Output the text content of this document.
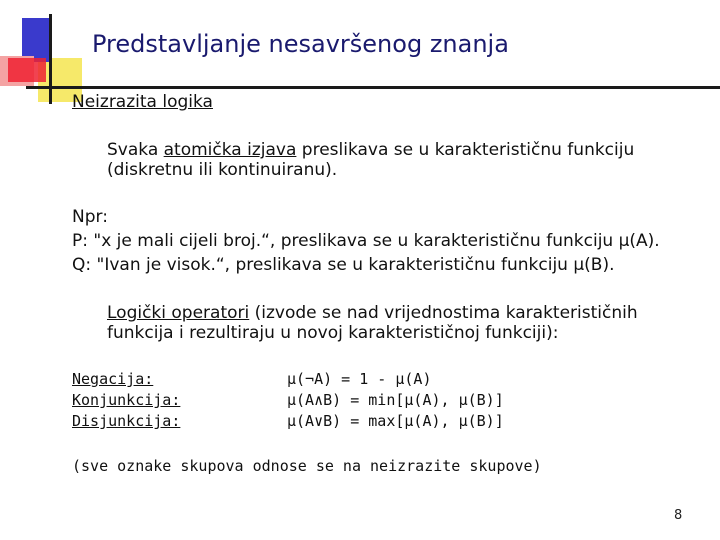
Predstavljanje nesavršenog znanja
Neizrazita logika
Svaka atomička izjava preslikava se u karakterističnu funkciju
(diskretnu ili kontinuiranu).
Npr:
P: "x je mali cijeli broj.“, preslikava se u karakterističnu funkciju µ(A).
Q: "Ivan je visok.“, preslikava se u karakterističnu funkciju µ(B).
Logički operatori (izvode se nad vrijednostima karakterističnih
funkcija i rezultiraju u novoj karakterističnoj funkciji):
Negacija:
Konjunkcija:
Disjunkcija:
µ(¬A) = 1 - µ(A)
µ(A∧B) = min[µ(A), µ(B)]
µ(A∨B) = max[µ(A), µ(B)]
(sve oznake skupova odnose se na neizrazite skupove)
8
